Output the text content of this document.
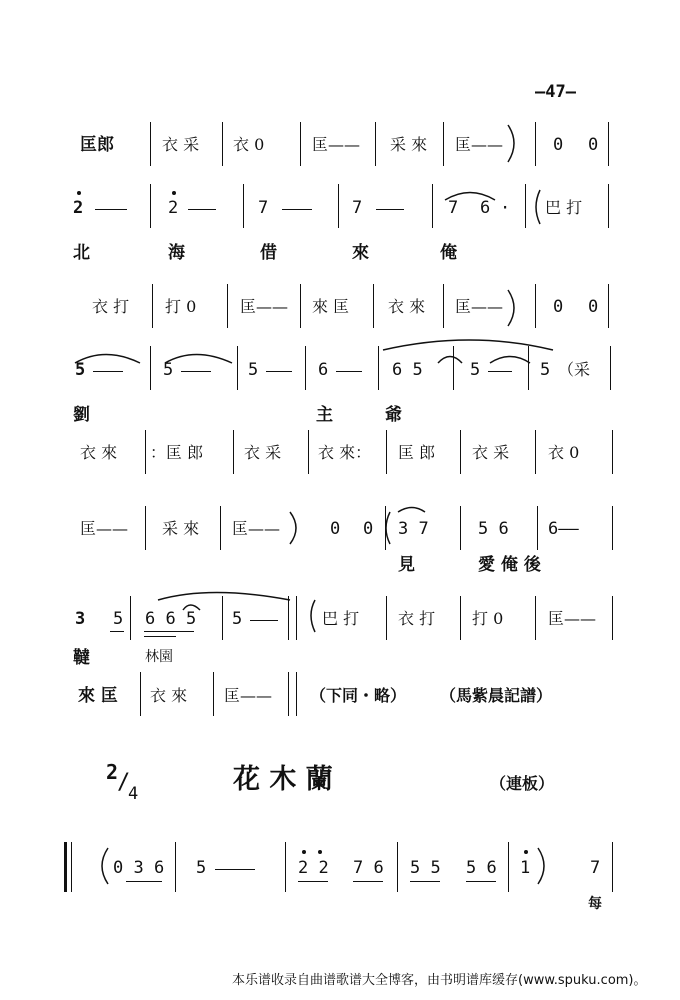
—47—
匡郎	衣 采 衣 0	匡—— 采 來 匡——	0 0
2	2	7	7	7 6 · 巴 打
北	海	借	來	俺
衣 打 打 0	匡—— 來 匡 衣 來 匡——	0 0
5	5	5	6	6 5	5	5 （采
劉	主	爺
衣 來 ：匡 郎	衣 采 衣 來： 匡 郎 衣 采 衣 0
匡—— 采 來 匡——	0 0 3 7	5 6 6——
見	愛 俺 後
3 5 6 6 5 5	巴 打 衣 打 打 0	匡——
韃	林園
來 匡 衣 來 匡—— （下同・略） （馬紫晨記譜）
2
/
4	花 木 蘭	（連板）
0 3 6 5	2 2 7 6 5 5 5 6 1	7
每
本乐谱收录自曲谱歌谱大全博客，由书明谱库缓存(www.spuku.com)。
